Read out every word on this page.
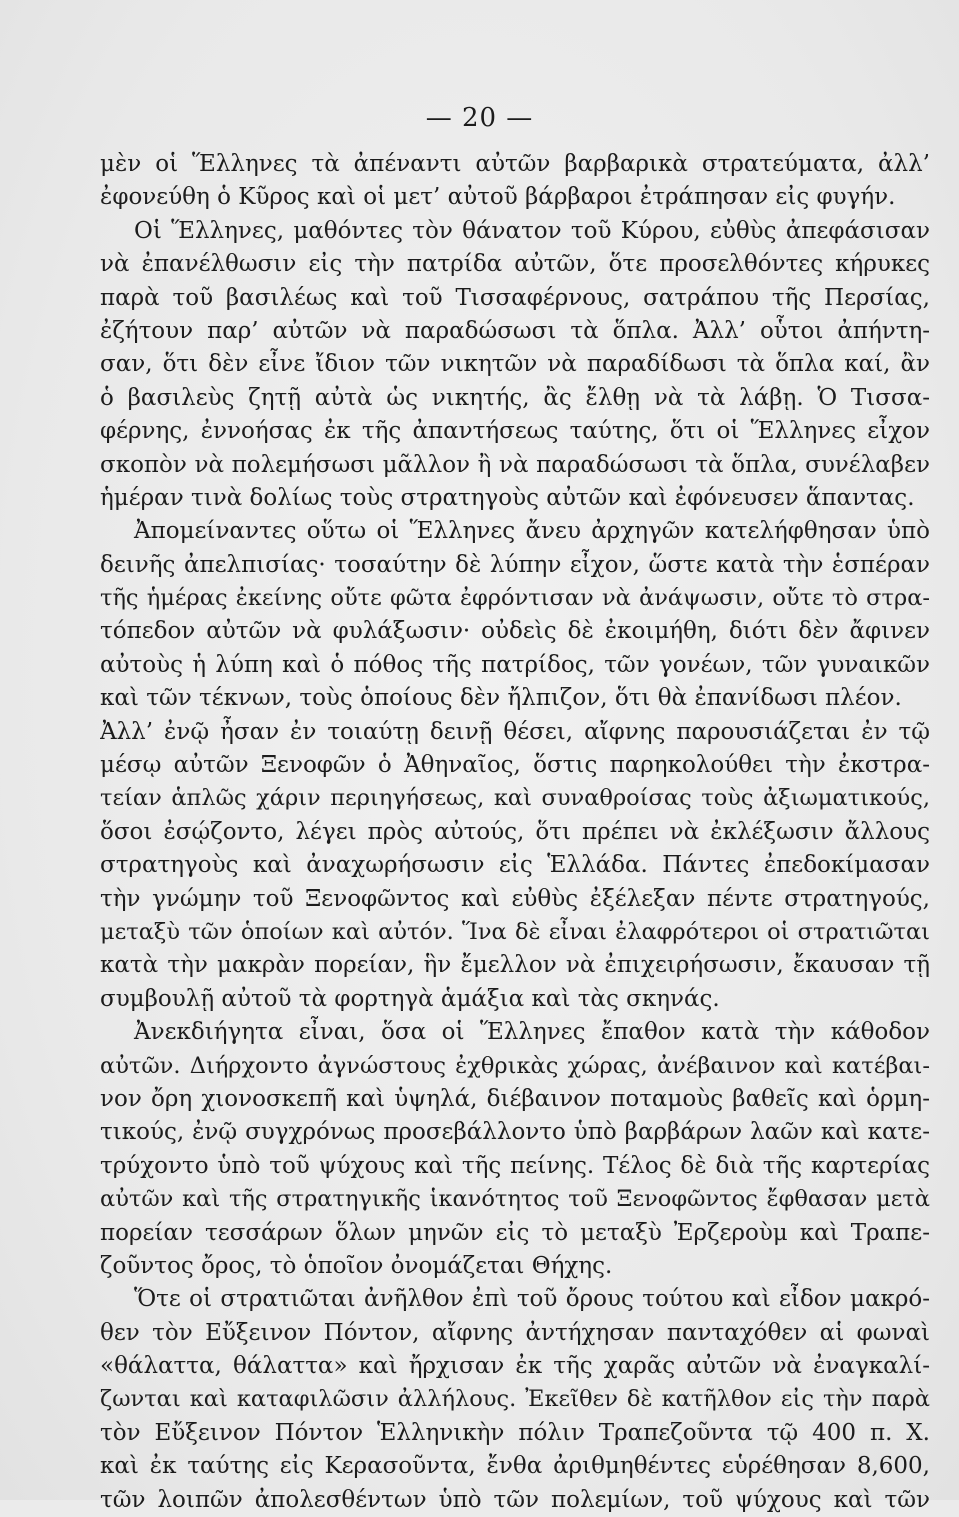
— 20 —
μὲν οἱ Ἕλληνες τὰ ἀπέναντι αὐτῶν βαρβαρικὰ στρατεύματα, ἀλλ’
ἐφονεύθη ὁ Κῦρος καὶ οἱ μετ’ αὐτοῦ βάρβαροι ἐτράπησαν εἰς φυγήν.
Οἱ Ἕλληνες, μαθόντες τὸν θάνατον τοῦ Κύρου, εὐθὺς ἀπεφάσισαν
νὰ ἐπανέλθωσιν εἰς τὴν πατρίδα αὐτῶν, ὅτε προσελθόντες κήρυκες
παρὰ τοῦ βασιλέως καὶ τοῦ Τισσαφέρνους, σατράπου τῆς Περσίας,
ἐζήτουν παρ’ αὐτῶν νὰ παραδώσωσι τὰ ὅπλα. Ἀλλ’ οὗτοι ἀπήντη-
σαν, ὅτι δὲν εἶνε ἴδιον τῶν νικητῶν νὰ παραδίδωσι τὰ ὅπλα καί, ἂν
ὁ βασιλεὺς ζητῇ αὐτὰ ὡς νικητής, ἂς ἔλθῃ νὰ τὰ λάβῃ. Ὁ Τισσα-
φέρνης, ἐννοήσας ἐκ τῆς ἀπαντήσεως ταύτης, ὅτι οἱ Ἕλληνες εἶχον
σκοπὸν νὰ πολεμήσωσι μᾶλλον ἢ νὰ παραδώσωσι τὰ ὅπλα, συνέλαβεν
ἡμέραν τινὰ δολίως τοὺς στρατηγοὺς αὐτῶν καὶ ἐφόνευσεν ἅπαντας.
Ἀπομείναντες οὕτω οἱ Ἕλληνες ἄνευ ἀρχηγῶν κατελήφθησαν ὑπὸ
δεινῆς ἀπελπισίας· τοσαύτην δὲ λύπην εἶχον, ὥστε κατὰ τὴν ἑσπέραν
τῆς ἡμέρας ἐκείνης οὔτε φῶτα ἐφρόντισαν νὰ ἀνάψωσιν, οὔτε τὸ στρα-
τόπεδον αὐτῶν νὰ φυλάξωσιν· οὐδεὶς δὲ ἐκοιμήθη, διότι δὲν ἄφινεν
αὐτοὺς ἡ λύπη καὶ ὁ πόθος τῆς πατρίδος, τῶν γονέων, τῶν γυναικῶν
καὶ τῶν τέκνων, τοὺς ὁποίους δὲν ἤλπιζον, ὅτι θὰ ἐπανίδωσι πλέον.
Ἀλλ’ ἐνῷ ἦσαν ἐν τοιαύτῃ δεινῇ θέσει, αἴφνης παρουσιάζεται ἐν τῷ
μέσῳ αὐτῶν Ξενοφῶν ὁ Ἀθηναῖος, ὅστις παρηκολούθει τὴν ἐκστρα-
τείαν ἁπλῶς χάριν περιηγήσεως, καὶ συναθροίσας τοὺς ἀξιωματικούς,
ὅσοι ἐσῴζοντο, λέγει πρὸς αὐτούς, ὅτι πρέπει νὰ ἐκλέξωσιν ἄλλους
στρατηγοὺς καὶ ἀναχωρήσωσιν εἰς Ἑλλάδα. Πάντες ἐπεδοκίμασαν
τὴν γνώμην τοῦ Ξενοφῶντος καὶ εὐθὺς ἐξέλεξαν πέντε στρατηγούς,
μεταξὺ τῶν ὁποίων καὶ αὐτόν. Ἵνα δὲ εἶναι ἐλαφρότεροι οἱ στρατιῶται
κατὰ τὴν μακρὰν πορείαν, ἣν ἔμελλον νὰ ἐπιχειρήσωσιν, ἔκαυσαν τῇ
συμβουλῇ αὐτοῦ τὰ φορτηγὰ ἁμάξια καὶ τὰς σκηνάς.
Ἀνεκδιήγητα εἶναι, ὅσα οἱ Ἕλληνες ἔπαθον κατὰ τὴν κάθοδον
αὐτῶν. Διήρχοντο ἀγνώστους ἐχθρικὰς χώρας, ἀνέβαινον καὶ κατέβαι-
νον ὄρη χιονοσκεπῆ καὶ ὑψηλά, διέβαινον ποταμοὺς βαθεῖς καὶ ὁρμη-
τικούς, ἐνῷ συγχρόνως προσεβάλλοντο ὑπὸ βαρβάρων λαῶν καὶ κατε-
τρύχοντο ὑπὸ τοῦ ψύχους καὶ τῆς πείνης. Τέλος δὲ διὰ τῆς καρτερίας
αὐτῶν καὶ τῆς στρατηγικῆς ἱκανότητος τοῦ Ξενοφῶντος ἔφθασαν μετὰ
πορείαν τεσσάρων ὅλων μηνῶν εἰς τὸ μεταξὺ Ἐρζεροὺμ καὶ Τραπε-
ζοῦντος ὄρος, τὸ ὁποῖον ὀνομάζεται Θήχης.
Ὅτε οἱ στρατιῶται ἀνῆλθον ἐπὶ τοῦ ὄρους τούτου καὶ εἶδον μακρό-
θεν τὸν Εὔξεινον Πόντον, αἴφνης ἀντήχησαν πανταχόθεν αἱ φωναὶ
«θάλαττα, θάλαττα» καὶ ἤρχισαν ἐκ τῆς χαρᾶς αὐτῶν νὰ ἐναγκαλί-
ζωνται καὶ καταφιλῶσιν ἀλλήλους. Ἐκεῖθεν δὲ κατῆλθον εἰς τὴν παρὰ
τὸν Εὔξεινον Πόντον Ἑλληνικὴν πόλιν Τραπεζοῦντα τῷ 400 π. Χ.
καὶ ἐκ ταύτης εἰς Κερασοῦντα, ἔνθα ἀριθμηθέντες εὑρέθησαν 8,600,
τῶν λοιπῶν ἀπολεσθέντων ὑπὸ τῶν πολεμίων, τοῦ ψύχους καὶ τῶν
